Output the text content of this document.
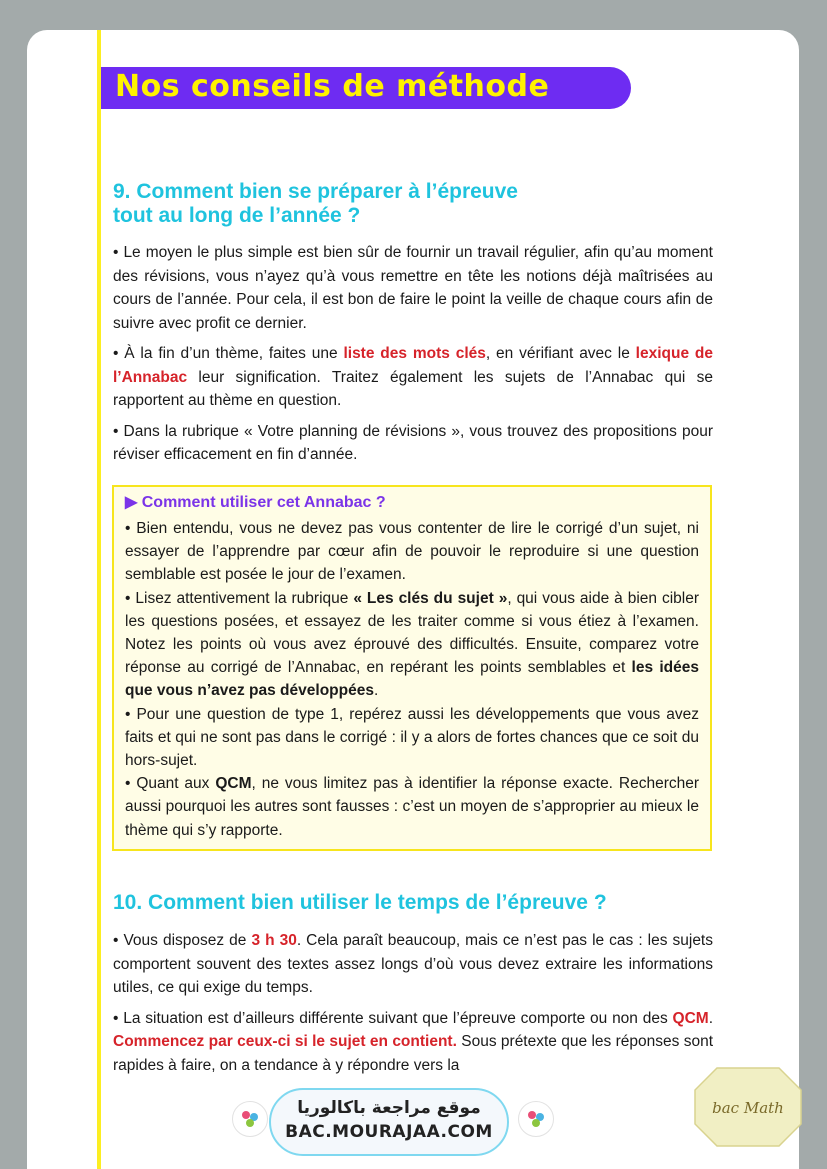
Nos conseils de méthode
9. Comment bien se préparer à l’épreuve
tout au long de l’année ?

• Le moyen le plus simple est bien sûr de fournir un travail régulier, afin qu’au moment des révisions, vous n’ayez qu’à vous remettre en tête les notions déjà maîtrisées au cours de l’année. Pour cela, il est bon de faire le point la veille de chaque cours afin de suivre avec profit ce dernier.

• À la fin d’un thème, faites une liste des mots clés, en vérifiant avec le lexique de l’Annabac leur signification. Traitez également les sujets de l’Annabac qui se rapportent au thème en question.

• Dans la rubrique « Votre planning de révisions », vous trouvez des propositions pour réviser efficacement en fin d’année.

▶ Comment utiliser cet Annabac ?

• Bien entendu, vous ne devez pas vous contenter de lire le corrigé d’un sujet, ni essayer de l’apprendre par cœur afin de pouvoir le reproduire si une question semblable est posée le jour de l’examen.

• Lisez attentivement la rubrique « Les clés du sujet », qui vous aide à bien cibler les questions posées, et essayez de les traiter comme si vous étiez à l’examen. Notez les points où vous avez éprouvé des difficultés. Ensuite, comparez votre réponse au corrigé de l’Annabac, en repérant les points semblables et les idées que vous n’avez pas développées.

• Pour une question de type 1, repérez aussi les développements que vous avez faits et qui ne sont pas dans le corrigé : il y a alors de fortes chances que ce soit du hors-sujet.

• Quant aux QCM, ne vous limitez pas à identifier la réponse exacte. Rechercher aussi pourquoi les autres sont fausses : c’est un moyen de s’approprier au mieux le thème qui s’y rapporte.

10. Comment bien utiliser le temps de l’épreuve ?

• Vous disposez de 3 h 30. Cela paraît beaucoup, mais ce n’est pas le cas : les sujets comportent souvent des textes assez longs d’où vous devez extraire les informations utiles, ce qui exige du temps.

• La situation est d’ailleurs différente suivant que l’épreuve comporte ou non des QCM. Commencez par ceux-ci si le sujet en contient. Sous prétexte que les réponses sont rapides à faire, on a tendance à y répondre vers la

موقع مراجعة باكالوريا
BAC.MOURAJAA.COM
bac Math
